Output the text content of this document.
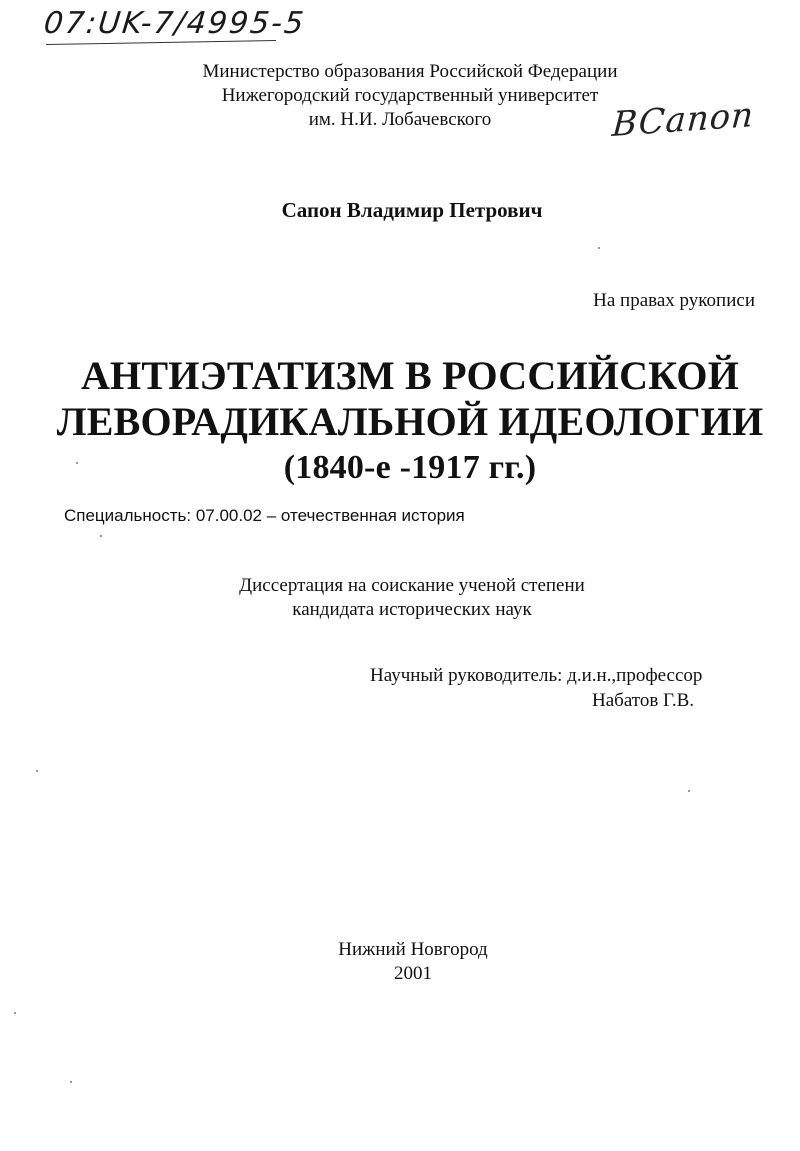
07:UK-7/4995-5
Министерство образования Российской Федерации
Нижегородский государственный университет
им. Н.И. Лобачевского	BCanon
Сапон Владимир Петрович
На правах рукописи
АНТИЭТАТИЗМ В РОССИЙСКОЙ
ЛЕВОРАДИКАЛЬНОЙ ИДЕОЛОГИИ
(1840-е -1917 гг.)
Специальность: 07.00.02 – отечественная история
Диссертация на соискание ученой степени
кандидата исторических наук
Научный руководитель: д.и.н.,профессор
Набатов Г.В.
Нижний Новгород
2001
